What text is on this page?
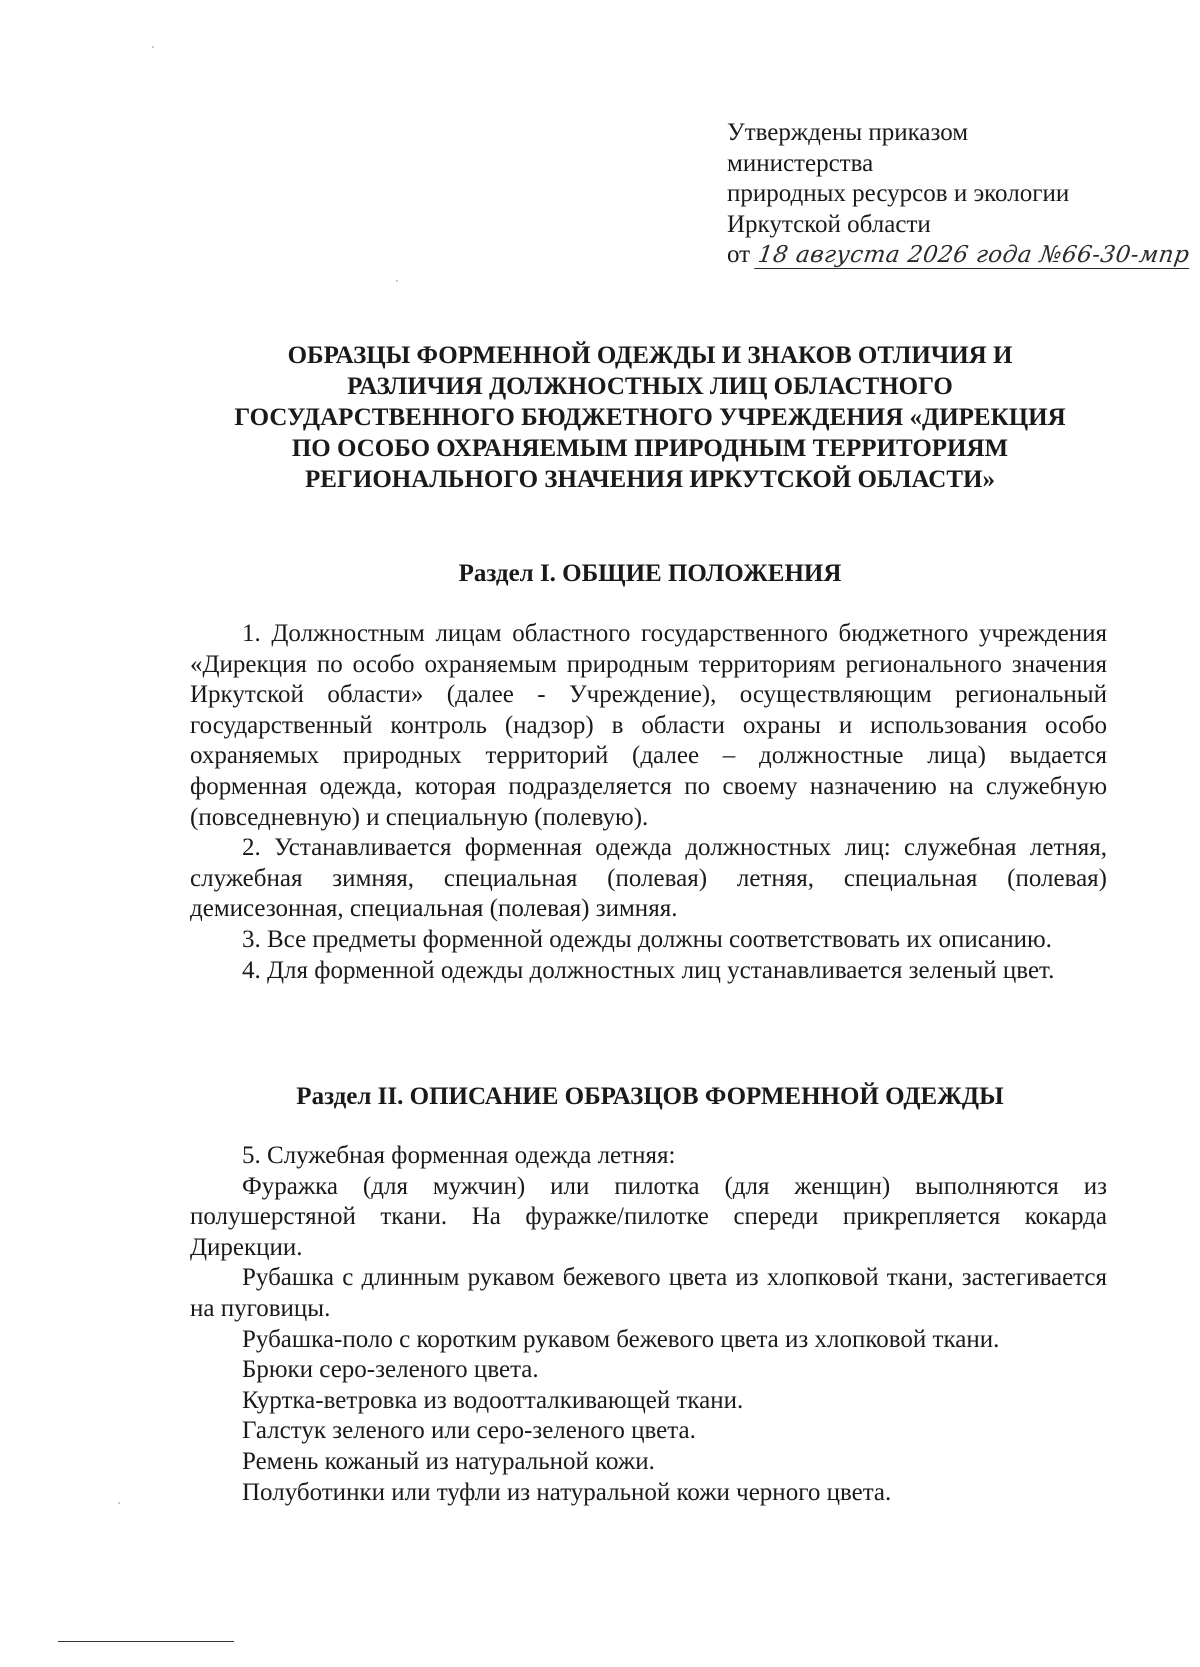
Утверждены приказом
министерства
природных ресурсов и экологии
Иркутской области
от 18 августа 2026 года №66-30-мпр
ОБРАЗЦЫ ФОРМЕННОЙ ОДЕЖДЫ И ЗНАКОВ ОТЛИЧИЯ И
РАЗЛИЧИЯ ДОЛЖНОСТНЫХ ЛИЦ ОБЛАСТНОГО
ГОСУДАРСТВЕННОГО БЮДЖЕТНОГО УЧРЕЖДЕНИЯ «ДИРЕКЦИЯ
ПО ОСОБО ОХРАНЯЕМЫМ ПРИРОДНЫМ ТЕРРИТОРИЯМ
РЕГИОНАЛЬНОГО ЗНАЧЕНИЯ ИРКУТСКОЙ ОБЛАСТИ»
Раздел I. ОБЩИЕ ПОЛОЖЕНИЯ

1. Должностным лицам областного государственного бюджетного учреждения «Дирекция по особо охраняемым природным территориям регионального значения Иркутской области» (далее - Учреждение), осуществляющим региональный государственный контроль (надзор) в области охраны и использования особо охраняемых природных территорий (далее – должностные лица) выдается форменная одежда, которая подразделяется по своему назначению на служебную (повседневную) и специальную (полевую).

2. Устанавливается форменная одежда должностных лиц: служебная летняя, служебная зимняя, специальная (полевая) летняя, специальная (полевая) демисезонная, специальная (полевая) зимняя.

3. Все предметы форменной одежды должны соответствовать их описанию.

4. Для форменной одежды должностных лиц устанавливается зеленый цвет.

Раздел II. ОПИСАНИЕ ОБРАЗЦОВ ФОРМЕННОЙ ОДЕЖДЫ

5. Служебная форменная одежда летняя:

Фуражка (для мужчин) или пилотка (для женщин) выполняются из полушерстяной ткани. На фуражке/пилотке спереди прикрепляется кокарда Дирекции.

Рубашка с длинным рукавом бежевого цвета из хлопковой ткани, застегивается на пуговицы.

Рубашка-поло с коротким рукавом бежевого цвета из хлопковой ткани.

Брюки серо-зеленого цвета.

Куртка-ветровка из водоотталкивающей ткани.

Галстук зеленого или серо-зеленого цвета.

Ремень кожаный из натуральной кожи.

Полуботинки или туфли из натуральной кожи черного цвета.
